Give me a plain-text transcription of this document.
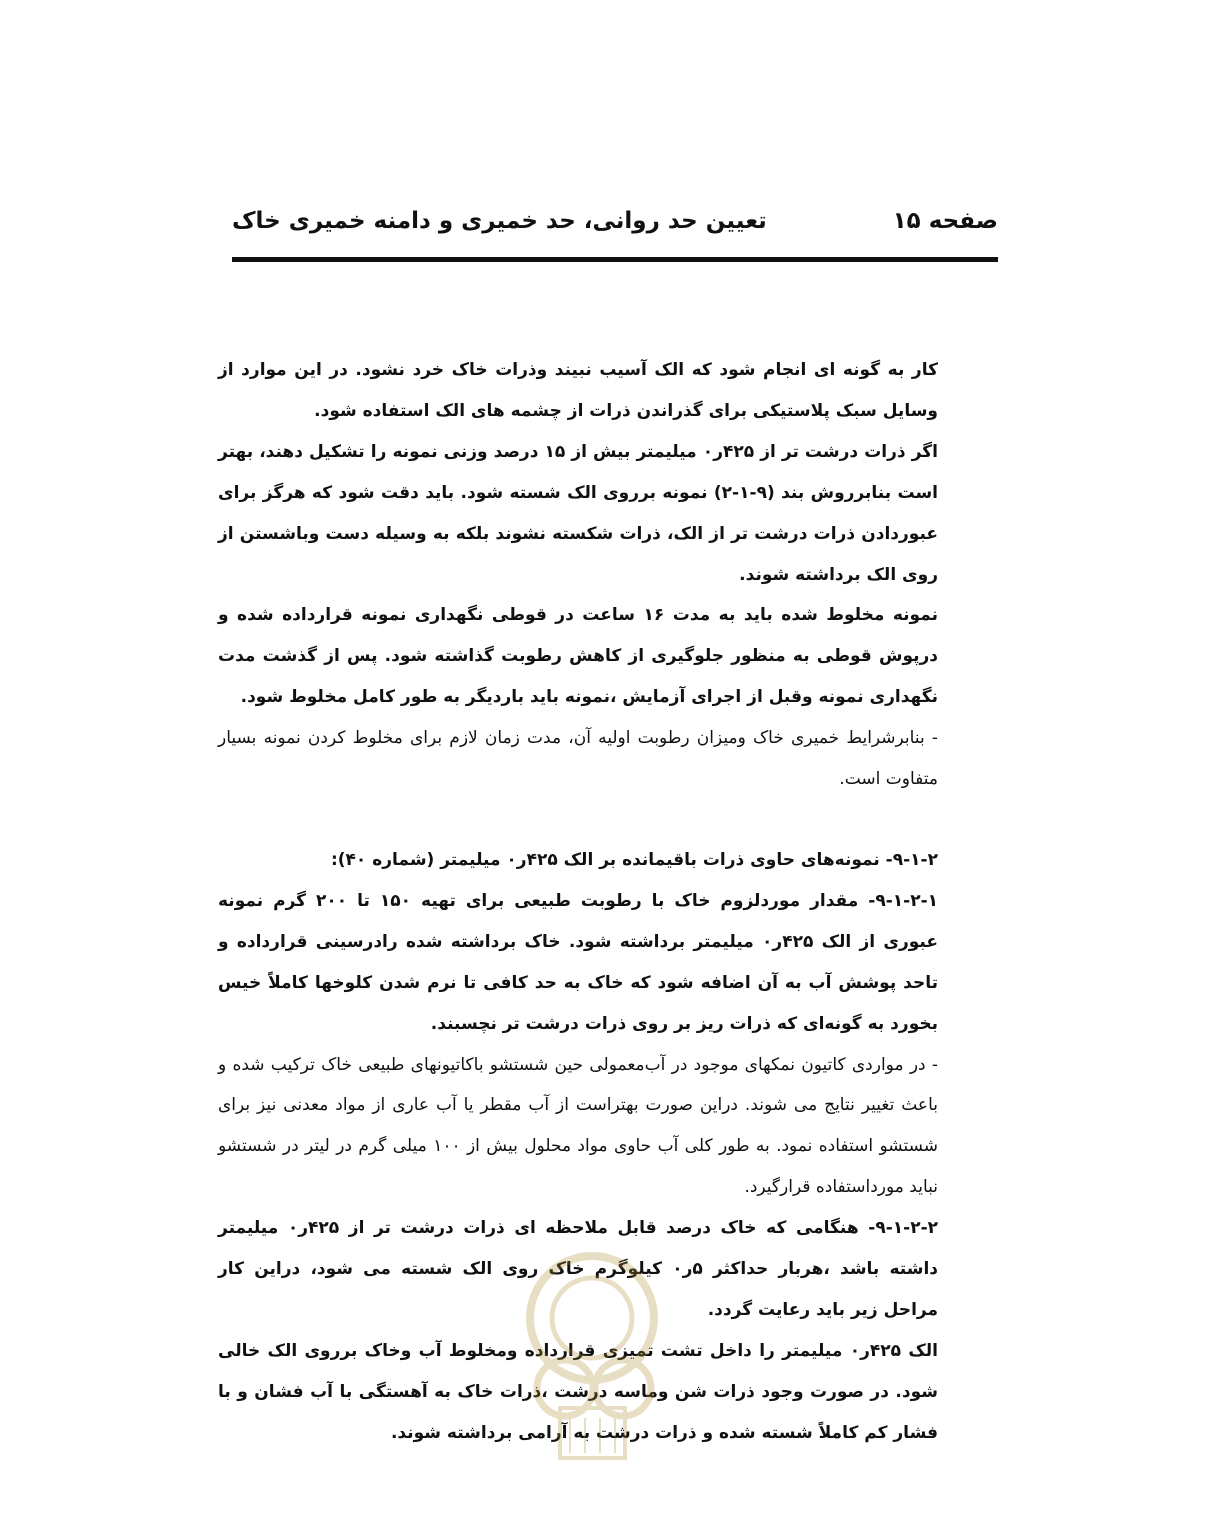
صفحه ۱۵
تعیین حد روانی، حد خمیری و دامنه خمیری خاک

کار به گونه ای انجام شود که الک آسیب نبیند وذرات خاک خرد نشود. در این موارد از وسایل سبک پلاستیکی برای گذراندن ذرات از چشمه های الک استفاده شود.

اگر ذرات درشت تر از ۴۲۵ر۰ میلیمتر بیش از ۱۵ درصد وزنی نمونه را تشکیل دهند، بهتر است بنابرروش بند (۹-۱-۲) نمونه برروی الک شسته شود. باید دقت شود که هرگز برای عبوردادن ذرات درشت تر از الک، ذرات شکسته نشوند بلکه به وسیله دست وباشستن از روی الک برداشته شوند.

نمونه مخلوط شده باید به مدت ۱۶ ساعت در قوطی نگهداری نمونه قرارداده شده و درپوش قوطی به منظور جلوگیری از کاهش رطوبت گذاشته شود. پس از گذشت مدت نگهداری نمونه وقبل از اجرای آزمایش ،نمونه باید باردیگر به طور کامل مخلوط شود.

- بنابرشرایط خمیری خاک ومیزان رطوبت اولیه آن، مدت زمان لازم برای مخلوط کردن نمونه بسیار متفاوت است.

۹-۱-۲- نمونه‌های حاوی ذرات باقیمانده بر الک ۴۲۵ر۰ میلیمتر (شماره ۴۰):

۹-۱-۲-۱- مقدار موردلزوم خاک با رطوبت طبیعی برای تهیه ۱۵۰ تا ۲۰۰ گرم نمونه عبوری از الک ۴۲۵ر۰ میلیمتر برداشته شود. خاک برداشته شده رادرسینی قرارداده و تاحد پوشش آب به آن اضافه شود که خاک به حد کافی تا نرم شدن کلوخها کاملاً خیس بخورد به گونه‌ای که ذرات ریز بر روی ذرات درشت تر نچسبند.

- در مواردی کاتیون نمکهای موجود در آب‌معمولی حین شستشو باکاتیونهای طبیعی خاک ترکیب شده و باعث تغییر نتایج می شوند. دراین صورت بهتراست از آب مقطر یا آب عاری از مواد معدنی نیز برای شستشو استفاده نمود. به طور کلی آب حاوی مواد محلول بیش از ۱۰۰ میلی گرم در لیتر در شستشو نباید مورداستفاده قرارگیرد.

۹-۱-۲-۲- هنگامی که خاک درصد قابل ملاحظه ای ذرات درشت تر از ۴۲۵ر۰ میلیمتر داشته باشد ،هربار حداکثر ۵ر۰ کیلوگرم خاک روی الک شسته می شود، دراین کار مراحل زیر باید رعایت گردد.

الک ۴۲۵ر۰ میلیمتر را داخل تشت تمیزی قرارداده ومخلوط آب وخاک برروی الک خالی شود. در صورت وجود ذرات شن وماسه درشت ،ذرات خاک به آهستگی با آب فشان و با فشار کم کاملاً شسته شده و ذرات درشت به آرامی برداشته شوند.
